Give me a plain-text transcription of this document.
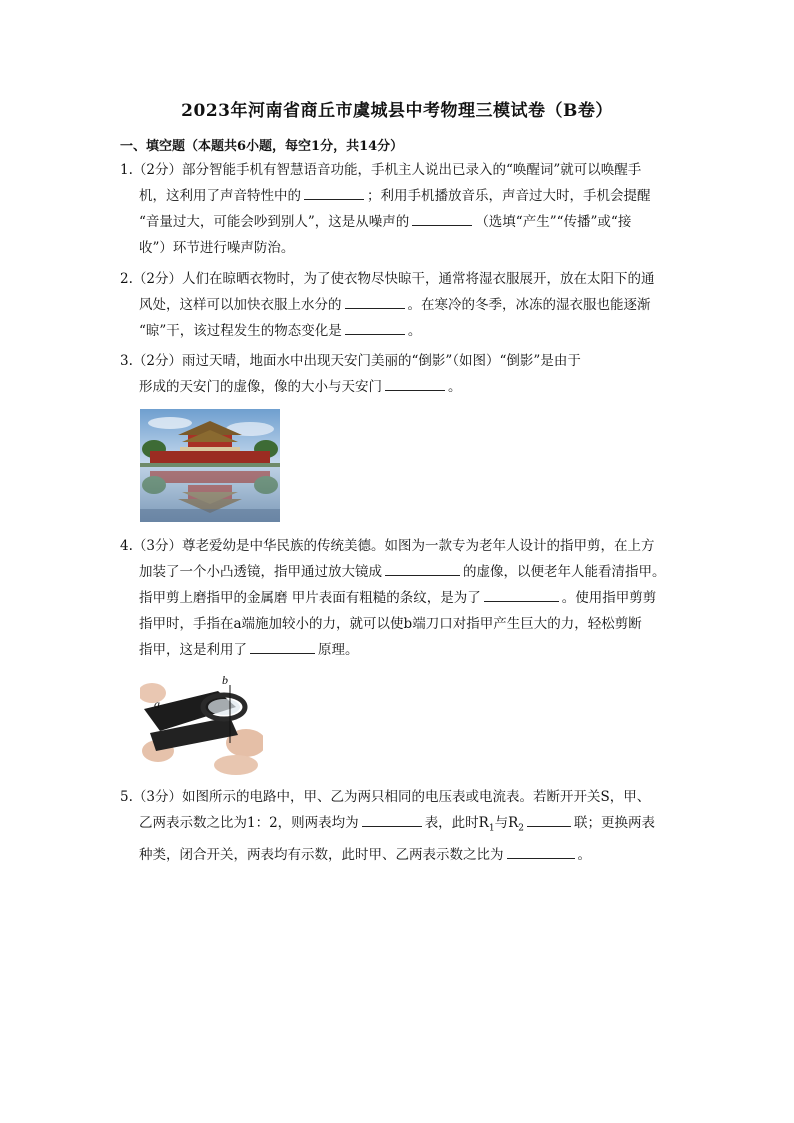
2023年河南省商丘市虞城县中考物理三模试卷（B卷）
一、填空题（本题共6小题，每空1分，共14分）
1.（2分）部分智能手机有智慧语音功能，手机主人说出已录入的“唤醒词”就可以唤醒手
机，这利用了声音特性中的	；利用手机播放音乐，声音过大时，手机会提醒
“音量过大，可能会吵到别人”，这是从噪声的	（选填“产生”“传播”或“接
收”）环节进行噪声防治。
2.（2分）人们在晾晒衣物时，为了使衣物尽快晾干，通常将湿衣服展开，放在太阳下的通
风处，这样可以加快衣服上水分的	。在寒冷的冬季，冰冻的湿衣服也能逐渐
“晾”干，该过程发生的物态变化是	。
3.（2分）雨过天晴，地面水中出现天安门美丽的“倒影”（如图）“倒影”是由于
形成的天安门的虚像，像的大小与天安门	。
4.（3分）尊老爱幼是中华民族的传统美德。如图为一款专为老年人设计的指甲剪，在上方
加装了一个小凸透镜，指甲通过放大镜成	的虚像，以便老年人能看清指甲。
指甲剪上磨指甲的金属磨 甲片表面有粗糙的条纹，是为了	。使用指甲剪剪
指甲时，手指在a端施加较小的力，就可以使b端刀口对指甲产生巨大的力，轻松剪断
指甲，这是利用了	原理。
b
a
5.（3分）如图所示的电路中，甲、乙为两只相同的电压表或电流表。若断开开关S，甲、
乙两表示数之比为1：2，则两表均为	表，此时$R_1$与$R_2$	联；更换两表
种类，闭合开关，两表均有示数，此时甲、乙两表示数之比为	。
